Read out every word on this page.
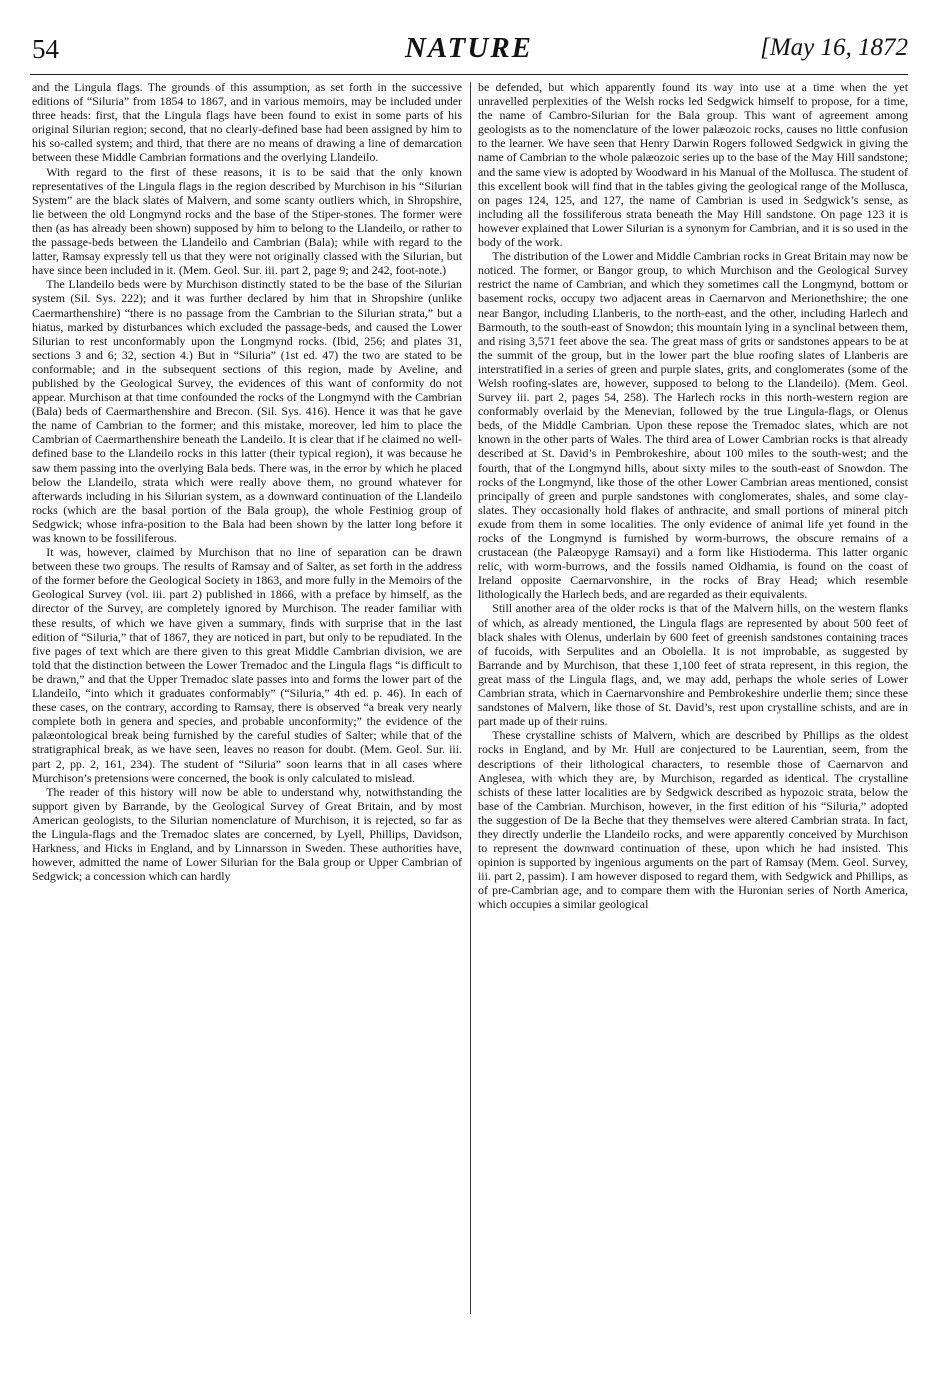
54	NATURE	[May 16, 1872

and the Lingula flags. The grounds of this assumption, as set forth in the successive editions of “Siluria” from 1854 to 1867, and in various memoirs, may be included under three heads: first, that the Lingula flags have been found to exist in some parts of his original Silurian region; second, that no clearly-defined base had been assigned by him to his so-called system; and third, that there are no means of drawing a line of demarcation between these Middle Cambrian formations and the overlying Llandeilo.

With regard to the first of these reasons, it is to be said that the only known representatives of the Lingula flags in the region described by Murchison in his “Silurian System” are the black slates of Malvern, and some scanty outliers which, in Shropshire, lie between the old Longmynd rocks and the base of the Stiper-stones. The former were then (as has already been shown) supposed by him to belong to the Llandeilo, or rather to the passage-beds between the Llandeilo and Cambrian (Bala); while with regard to the latter, Ramsay expressly tell us that they were not originally classed with the Silurian, but have since been included in it. (Mem. Geol. Sur. iii. part 2, page 9; and 242, foot-note.)

The Llandeilo beds were by Murchison distinctly stated to be the base of the Silurian system (Sil. Sys. 222); and it was further declared by him that in Shropshire (unlike Caermarthenshire) “there is no passage from the Cambrian to the Silurian strata,” but a hiatus, marked by disturbances which excluded the passage-beds, and caused the Lower Silurian to rest unconformably upon the Longmynd rocks. (Ibid, 256; and plates 31, sections 3 and 6; 32, section 4.) But in “Siluria” (1st ed. 47) the two are stated to be conformable; and in the subsequent sections of this region, made by Aveline, and published by the Geological Survey, the evidences of this want of conformity do not appear. Murchison at that time confounded the rocks of the Longmynd with the Cambrian (Bala) beds of Caermarthenshire and Brecon. (Sil. Sys. 416). Hence it was that he gave the name of Cambrian to the former; and this mistake, moreover, led him to place the Cambrian of Caermarthenshire beneath the Landeilo. It is clear that if he claimed no well-defined base to the Llandeilo rocks in this latter (their typical region), it was because he saw them passing into the overlying Bala beds. There was, in the error by which he placed below the Llandeilo, strata which were really above them, no ground whatever for afterwards including in his Silurian system, as a downward continuation of the Llandeilo rocks (which are the basal portion of the Bala group), the whole Festiniog group of Sedgwick; whose infra-position to the Bala had been shown by the latter long before it was known to be fossiliferous.

It was, however, claimed by Murchison that no line of separation can be drawn between these two groups. The results of Ramsay and of Salter, as set forth in the address of the former before the Geological Society in 1863, and more fully in the Memoirs of the Geological Survey (vol. iii. part 2) published in 1866, with a preface by himself, as the director of the Survey, are completely ignored by Murchison. The reader familiar with these results, of which we have given a summary, finds with surprise that in the last edition of “Siluria,” that of 1867, they are noticed in part, but only to be repudiated. In the five pages of text which are there given to this great Middle Cambrian division, we are told that the distinction between the Lower Tremadoc and the Lingula flags “is difficult to be drawn,” and that the Upper Tremadoc slate passes into and forms the lower part of the Llandeilo, “into which it graduates conformably” (“Siluria,” 4th ed. p. 46). In each of these cases, on the contrary, according to Ramsay, there is observed “a break very nearly complete both in genera and species, and probable unconformity;” the evidence of the palæontological break being furnished by the careful studies of Salter; while that of the stratigraphical break, as we have seen, leaves no reason for doubt. (Mem. Geol. Sur. iii. part 2, pp. 2, 161, 234). The student of “Siluria” soon learns that in all cases where Murchison’s pretensions were concerned, the book is only calculated to mislead.

The reader of this history will now be able to understand why, notwithstanding the support given by Barrande, by the Geological Survey of Great Britain, and by most American geologists, to the Silurian nomenclature of Murchison, it is rejected, so far as the Lingula-flags and the Tremadoc slates are concerned, by Lyell, Phillips, Davidson, Harkness, and Hicks in England, and by Linnarsson in Sweden. These authorities have, however, admitted the name of Lower Silurian for the Bala group or Upper Cambrian of Sedgwick; a concession which can hardly

be defended, but which apparently found its way into use at a time when the yet unravelled perplexities of the Welsh rocks led Sedgwick himself to propose, for a time, the name of Cambro-Silurian for the Bala group. This want of agreement among geologists as to the nomenclature of the lower palæozoic rocks, causes no little confusion to the learner. We have seen that Henry Darwin Rogers followed Sedgwick in giving the name of Cambrian to the whole palæozoic series up to the base of the May Hill sandstone; and the same view is adopted by Woodward in his Manual of the Mollusca. The student of this excellent book will find that in the tables giving the geological range of the Mollusca, on pages 124, 125, and 127, the name of Cambrian is used in Sedgwick’s sense, as including all the fossiliferous strata beneath the May Hill sandstone. On page 123 it is however explained that Lower Silurian is a synonym for Cambrian, and it is so used in the body of the work.

The distribution of the Lower and Middle Cambrian rocks in Great Britain may now be noticed. The former, or Bangor group, to which Murchison and the Geological Survey restrict the name of Cambrian, and which they sometimes call the Longmynd, bottom or basement rocks, occupy two adjacent areas in Caernarvon and Merionethshire; the one near Bangor, including Llanberis, to the north-east, and the other, including Harlech and Barmouth, to the south-east of Snowdon; this mountain lying in a synclinal between them, and rising 3,571 feet above the sea. The great mass of grits or sandstones appears to be at the summit of the group, but in the lower part the blue roofing slates of Llanberis are interstratified in a series of green and purple slates, grits, and conglomerates (some of the Welsh roofing-slates are, however, supposed to belong to the Llandeilo). (Mem. Geol. Survey iii. part 2, pages 54, 258). The Harlech rocks in this north-western region are conformably overlaid by the Menevian, followed by the true Lingula-flags, or Olenus beds, of the Middle Cambrian. Upon these repose the Tremadoc slates, which are not known in the other parts of Wales. The third area of Lower Cambrian rocks is that already described at St. David’s in Pembrokeshire, about 100 miles to the south-west; and the fourth, that of the Longmynd hills, about sixty miles to the south-east of Snowdon. The rocks of the Longmynd, like those of the other Lower Cambrian areas mentioned, consist principally of green and purple sandstones with conglomerates, shales, and some clay-slates. They occasionally hold flakes of anthracite, and small portions of mineral pitch exude from them in some localities. The only evidence of animal life yet found in the rocks of the Longmynd is furnished by worm-burrows, the obscure remains of a crustacean (the Palæopyge Ramsayi) and a form like Histioderma. This latter organic relic, with worm-burrows, and the fossils named Oldhamia, is found on the coast of Ireland opposite Caernarvonshire, in the rocks of Bray Head; which resemble lithologically the Harlech beds, and are regarded as their equivalents.

Still another area of the older rocks is that of the Malvern hills, on the western flanks of which, as already mentioned, the Lingula flags are represented by about 500 feet of black shales with Olenus, underlain by 600 feet of greenish sandstones containing traces of fucoids, with Serpulites and an Obolella. It is not improbable, as suggested by Barrande and by Murchison, that these 1,100 feet of strata represent, in this region, the great mass of the Lingula flags, and, we may add, perhaps the whole series of Lower Cambrian strata, which in Caernarvonshire and Pembrokeshire underlie them; since these sandstones of Malvern, like those of St. David’s, rest upon crystalline schists, and are in part made up of their ruins.

These crystalline schists of Malvern, which are described by Phillips as the oldest rocks in England, and by Mr. Hull are conjectured to be Laurentian, seem, from the descriptions of their lithological characters, to resemble those of Caernarvon and Anglesea, with which they are, by Murchison, regarded as identical. The crystalline schists of these latter localities are by Sedgwick described as hypozoic strata, below the base of the Cambrian. Murchison, however, in the first edition of his “Siluria,” adopted the suggestion of De la Beche that they themselves were altered Cambrian strata. In fact, they directly underlie the Llandeilo rocks, and were apparently conceived by Murchison to represent the downward continuation of these, upon which he had insisted. This opinion is supported by ingenious arguments on the part of Ramsay (Mem. Geol. Survey, iii. part 2, passim). I am however disposed to regard them, with Sedgwick and Phillips, as of pre-Cambrian age, and to compare them with the Huronian series of North America, which occupies a similar geological
